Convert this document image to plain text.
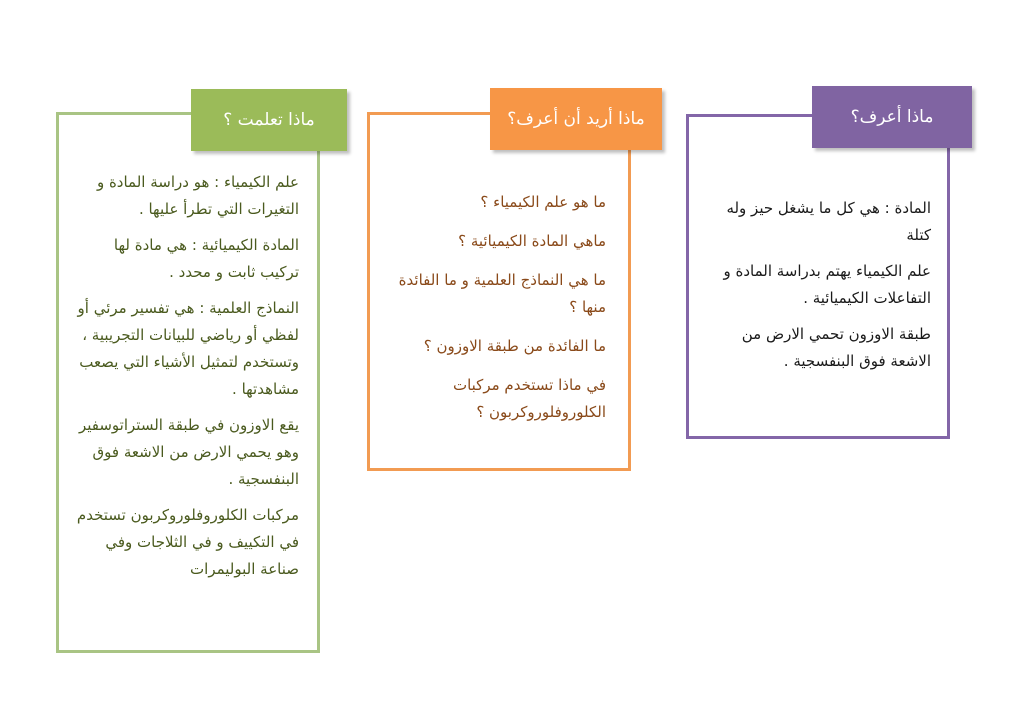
المادة : هي كل ما يشغل حيز وله كتلة

علم الكيمياء يهتم بدراسة المادة و التفاعلات الكيميائية .

طبقة الاوزون تحمي الارض من الاشعة فوق البنفسجية .

ماذا أعرف؟

ما هو علم الكيمياء ؟

ماهي المادة الكيميائية ؟

ما هي النماذج العلمية و ما الفائدة منها ؟

ما الفائدة من طبقة الاوزون ؟

في ماذا تستخدم مركبات الكلوروفلوروكربون ؟

ماذا أريد أن أعرف؟

علم الكيمياء : هو دراسة المادة و التغيرات التي تطرأ عليها .

المادة الكيميائية : هي مادة لها تركيب ثابت و محدد .

النماذج العلمية : هي تفسير مرئي أو لفظي أو رياضي للبيانات التجريبية ، وتستخدم لتمثيل الأشياء التي يصعب مشاهدتها .

يقع الاوزون في طبقة الستراتوسفير وهو يحمي الارض من الاشعة فوق البنفسجية .

مركبات الكلوروفلوروكربون تستخدم في التكييف و في الثلاجات وفي صناعة البوليمرات

ماذا تعلمت ؟
